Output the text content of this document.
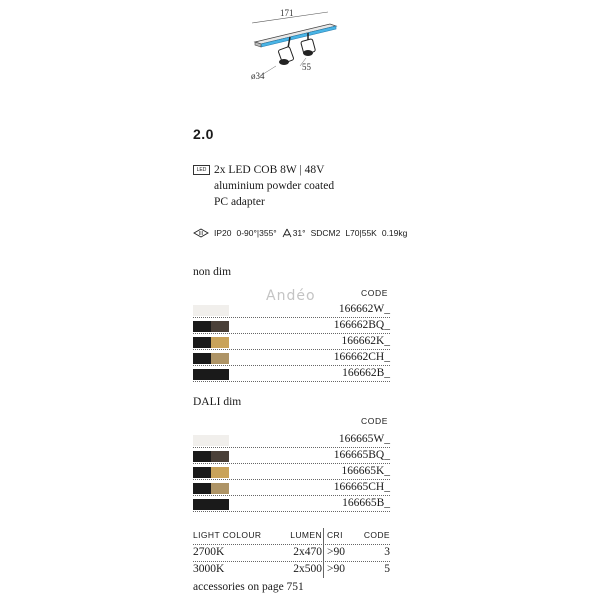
171
ø34
55
2.0
LED 2x LED COB 8W | 48V
aluminium powder coated
PC adapter
III IP20 0-90°|355° 31° SDCM2 L70|55K 0.19kg
Andéo
non dim
CODE
166662W_
166662BQ_
166662K_
166662CH_
166662B_
DALI dim
CODE
166665W_
166665BQ_
166665K_
166665CH_
166665B_
LIGHT COLOUR	LUMEN CRI CODE
2700K	2x470 >90	3
3000K	2x500 >90	5
accessories on page 751
